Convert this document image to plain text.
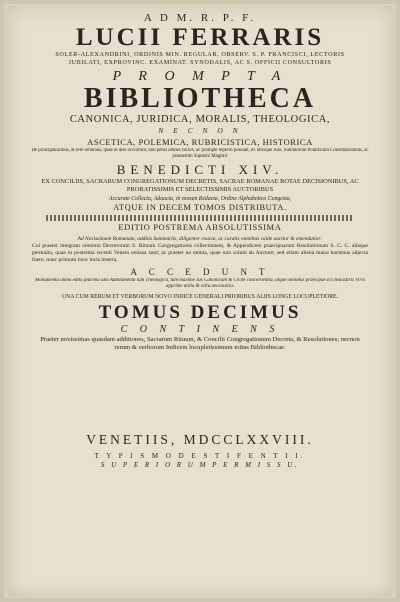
A D M. R. P. F.
LUCII FERRARIS
SOLER-ALEXANDRINI, ORDINIS MIN. REGULAR. OBSERV. S. P. FRANCISCI, LECTORIS
JUBILATI, EXPROVINC. EXAMINAT. SYNODALIS, AC S. OFFICII CONSULTORIS
P R O M P T A
BIBLIOTHECA
CANONICA, JURIDICA, MORALIS, THEOLOGICA,
N E C N O N
ASCETICA, POLEMICA, RUBRICISTICA, HISTORICA
De principalioribus, & fere omnibus, quae in dies occurrunt, non petus omnes facilis, ac prompte reperiri possunt, ex utrisque Jure, Summorum Pontificum Constitutionibus, ac praesertim Supremi Magistri
BENEDICTI XIV.
EX CONCILIIS, SACRARUM CONGREGATIONUM DECRETIS, SACRAE ROMANAE ROTAE DECISIONIBUS, AC PROBATISSIMIS ET SELECTISSIMIS AUCTORIBUS
Accurate Collecta, Adaucta, in novam Redacta, Ordine Alphabetico Congesta,
ATQUE IN DECEM TOMOS DISTRIBUTA.
EDITIO POSTREMA ABSOLUTISSIMA
Ad Novissimam Romanam, additis Summariis, diligenter exacta, ac curatis omnibus valde auctior & emendatior:
Cui praeter integram omnium Decretorum S. Rituum Congregationis collectionem, & Appendicem praecipuarum Resolutionum S. C. C. aliaque permulta, quae in postrema recenti Veneta omissa sunt; ac praeter ea omnia, quae non solum ab Auctore, sed etiam aliena manu hactenus adjecta fuere, nunc primum iisce locis inserta,
A C C E D U N T
Monumenta antea edita plurima alia Additamenta tum Theologica, tum maxime Jus Canonicum & Civile concernentia, atque omnibus praecipue Ecclesiasticis Viris apprime utilia & scitu necessaria.
UNA CUM RERUM ET VERBORUM NOVO INDICE GENERALI PRIORIBUS ALIIS LONGE LOCUPLETIORE.
TOMUS DECIMUS
C O N T I N E N S
Praeter novissimas quasdam additiones, Sacrarum Rituum, & Concilii Congregationum Decreta, & Resolutiones; necnon rerum & verborum Indicem locupletissimum totius Bibliothecae.
VENETIIS, MDCCLXXVIII.
T Y P I S M O D E S T I F E N T I I.
S U P E R I O R U M P E R M I S S U.
